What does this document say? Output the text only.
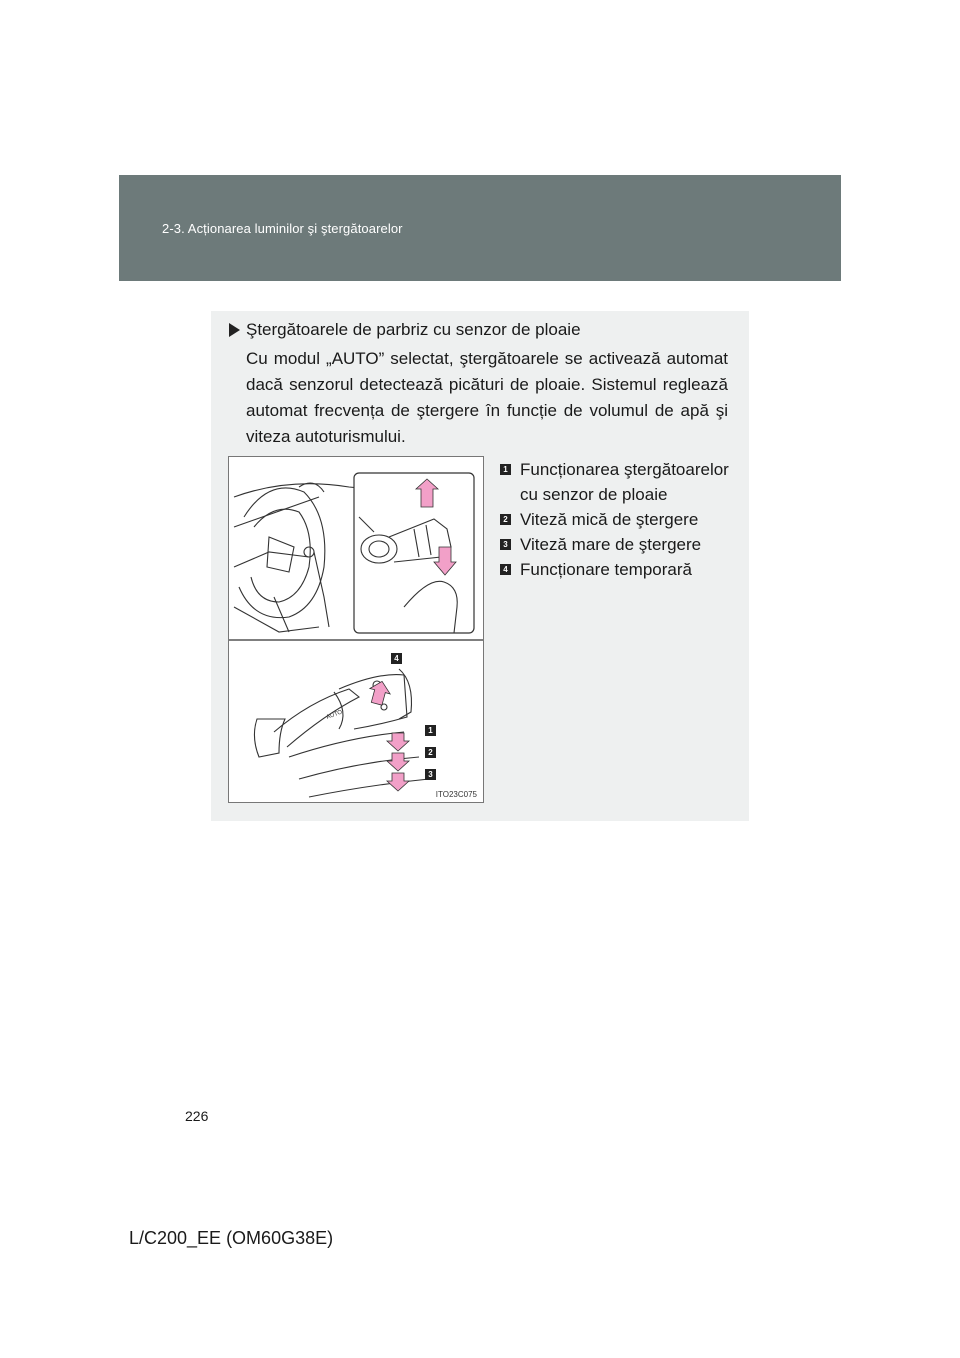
2-3. Acționarea luminilor şi ştergătoarelor
Ştergătoarele de parbriz cu senzor de ploaie
Cu modul „AUTO” selectat, ştergătoarele se activează automat dacă senzorul detectează picături de ploaie. Sistemul reglează automat frecvența de ştergere în funcție de volumul de apă şi viteza autoturismului.
AUTO
4
1
2
3
ITO23C075
1 Funcționarea ştergătoarelor cu senzor de ploaie
2 Viteză mică de ştergere
3 Viteză mare de ştergere
4 Funcționare temporară
226
L/C200_EE (OM60G38E)
